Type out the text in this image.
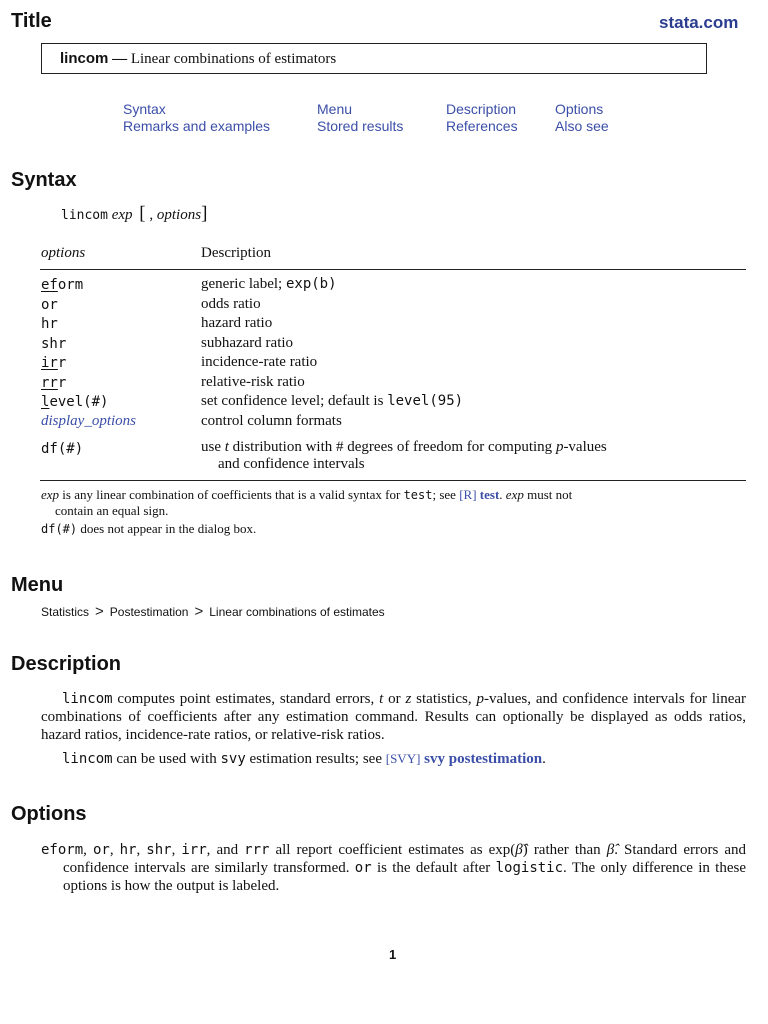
Title	stata.com
lincom — Linear combinations of estimators
Syntax	Menu	Description	Options
Remarks and examples	Stored results	References	Also see
Syntax
lincom exp [ , options]
options	Description
eform	generic label; exp(b)
or	odds ratio
hr	hazard ratio
shr	subhazard ratio
irr	incidence-rate ratio
rrr	relative-risk ratio
level(#)	set confidence level; default is level(95)
display_options	control column formats
df(#)	use t distribution with # degrees of freedom for computing p-values
and confidence intervals
exp is any linear combination of coefficients that is a valid syntax for test; see [R] test. exp must not
contain an equal sign.
df(#) does not appear in the dialog box.
Menu
Statistics > Postestimation > Linear combinations of estimates
Description
lincom computes point estimates, standard errors, t or z statistics, p-values, and confidence intervals for linear combinations of coefficients after any estimation command. Results can optionally be displayed as odds ratios, hazard ratios, incidence-rate ratios, or relative-risk ratios.
lincom can be used with svy estimation results; see [SVY] svy postestimation.
Options
eform, or, hr, shr, irr, and rrr all report coefficient estimates as exp(β̂) rather than β̂. Standard errors and confidence intervals are similarly transformed. or is the default after logistic. The only difference in these options is how the output is labeled.
1
